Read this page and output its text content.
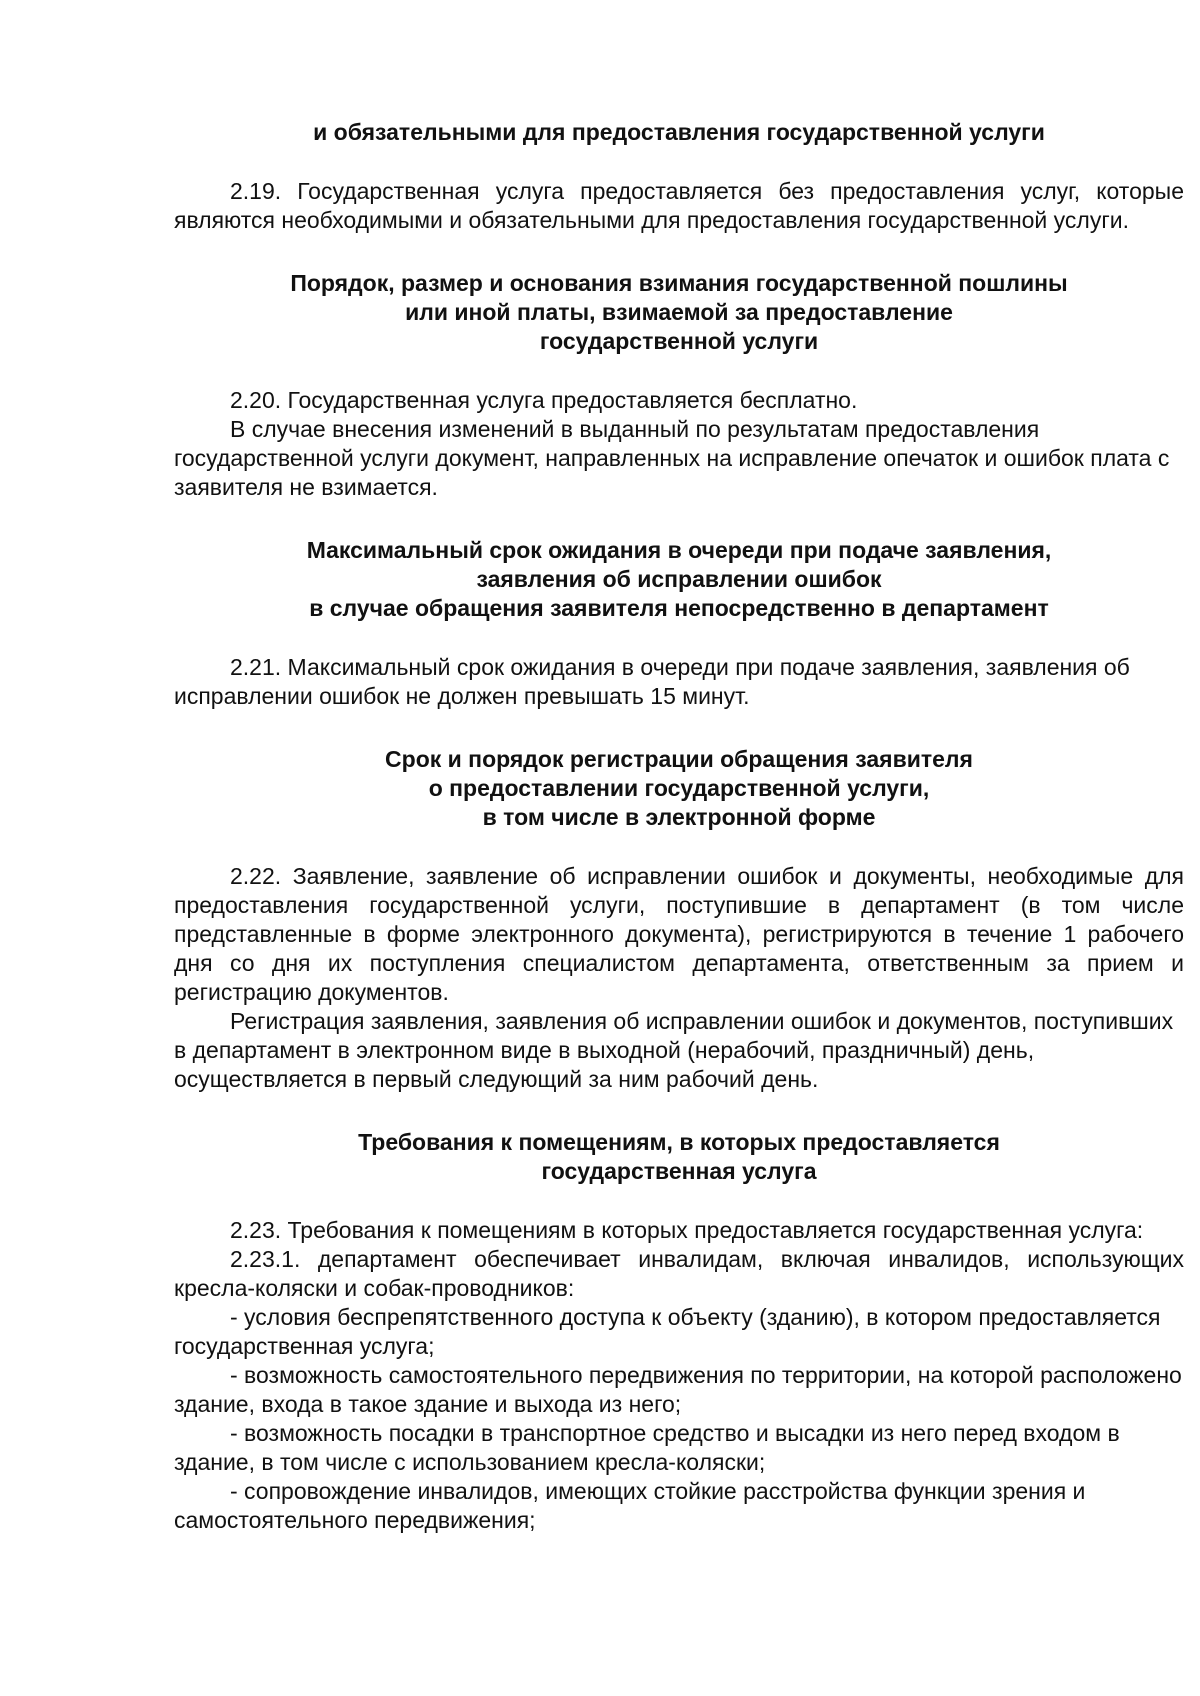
и обязательными для предоставления государственной услуги

2.19. Государственная услуга предоставляется без предоставления услуг, которые являются необходимыми и обязательными для предоставления государственной услуги.

Порядок, размер и основания взимания государственной пошлины
или иной платы, взимаемой за предоставление
государственной услуги

2.20. Государственная услуга предоставляется бесплатно.

В случае внесения изменений в выданный по результатам предоставления государственной услуги документ, направленных на исправление опечаток и ошибок плата с заявителя не взимается.

Максимальный срок ожидания в очереди при подаче заявления,
заявления об исправлении ошибок
в случае обращения заявителя непосредственно в департамент

2.21. Максимальный срок ожидания в очереди при подаче заявления, заявления об исправлении ошибок не должен превышать 15 минут.

Срок и порядок регистрации обращения заявителя
о предоставлении государственной услуги,
в том числе в электронной форме

2.22. Заявление, заявление об исправлении ошибок и документы, необходимые для предоставления государственной услуги, поступившие в департамент (в том числе представленные в форме электронного документа), регистрируются в течение 1 рабочего дня со дня их поступления специалистом департамента, ответственным за прием и регистрацию документов.

Регистрация заявления, заявления об исправлении ошибок и документов, поступивших в департамент в электронном виде в выходной (нерабочий, праздничный) день, осуществляется в первый следующий за ним рабочий день.

Требования к помещениям, в которых предоставляется
государственная услуга

2.23. Требования к помещениям в которых предоставляется государственная услуга:

2.23.1. департамент обеспечивает инвалидам, включая инвалидов, использующих кресла-коляски и собак-проводников:

- условия беспрепятственного доступа к объекту (зданию), в котором предоставляется государственная услуга;

- возможность самостоятельного передвижения по территории, на которой расположено здание, входа в такое здание и выхода из него;

- возможность посадки в транспортное средство и высадки из него перед входом в здание, в том числе с использованием кресла-коляски;

- сопровождение инвалидов, имеющих стойкие расстройства функции зрения и самостоятельного передвижения;
